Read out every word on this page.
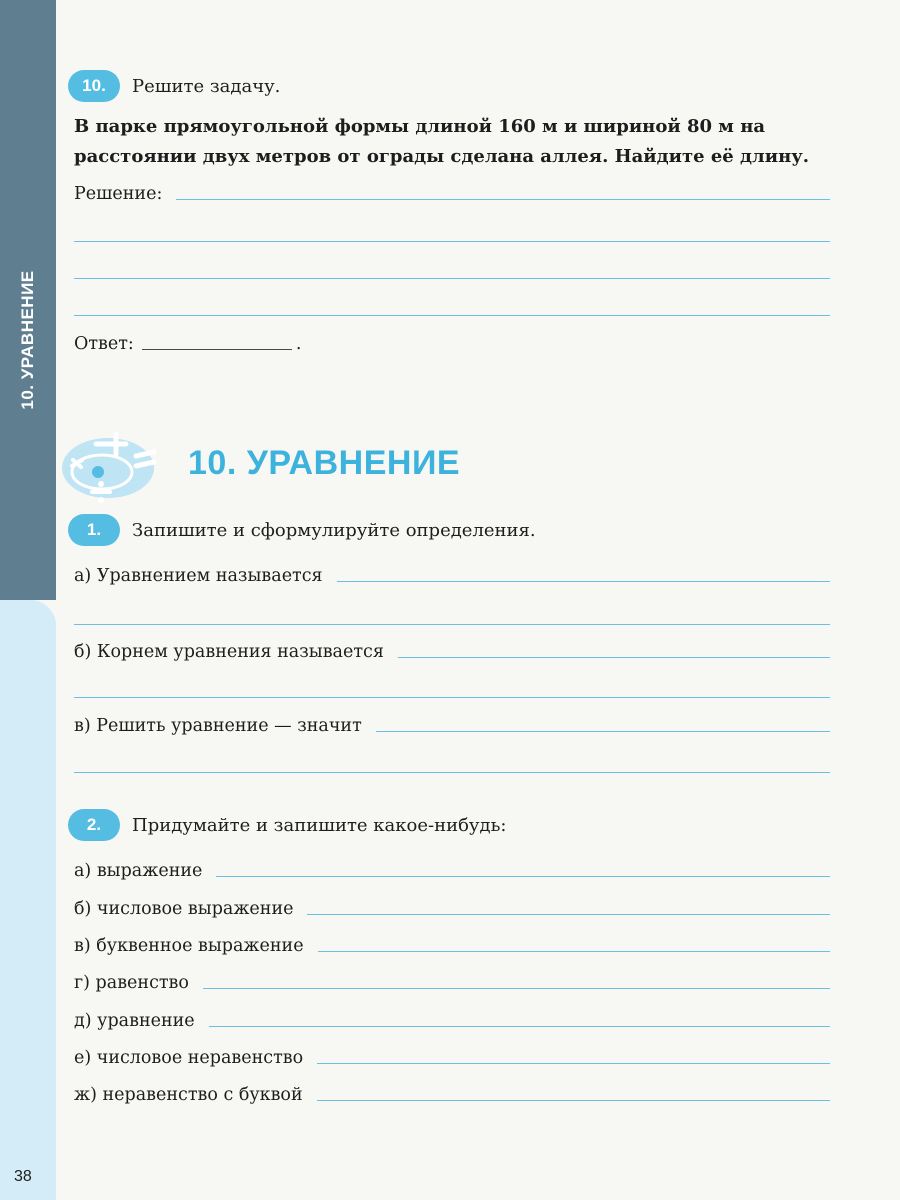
10. УРАВНЕНИЕ
38
10.	Решите задачу.
В парке прямоугольной формы длиной 160 м и шириной 80 м на расстоянии двух метров от ограды сделана аллея. Найдите её длину.
Решение:
Ответ:	.
10. УРАВНЕНИЕ
1.	Запишите и сформулируйте определения.
а) Уравнением называется
б) Корнем уравнения называется
в) Решить уравнение — значит
2.	Придумайте и запишите какое-нибудь:
а) выражение
б) числовое выражение
в) буквенное выражение
г) равенство
д) уравнение
е) числовое неравенство
ж) неравенство с буквой
